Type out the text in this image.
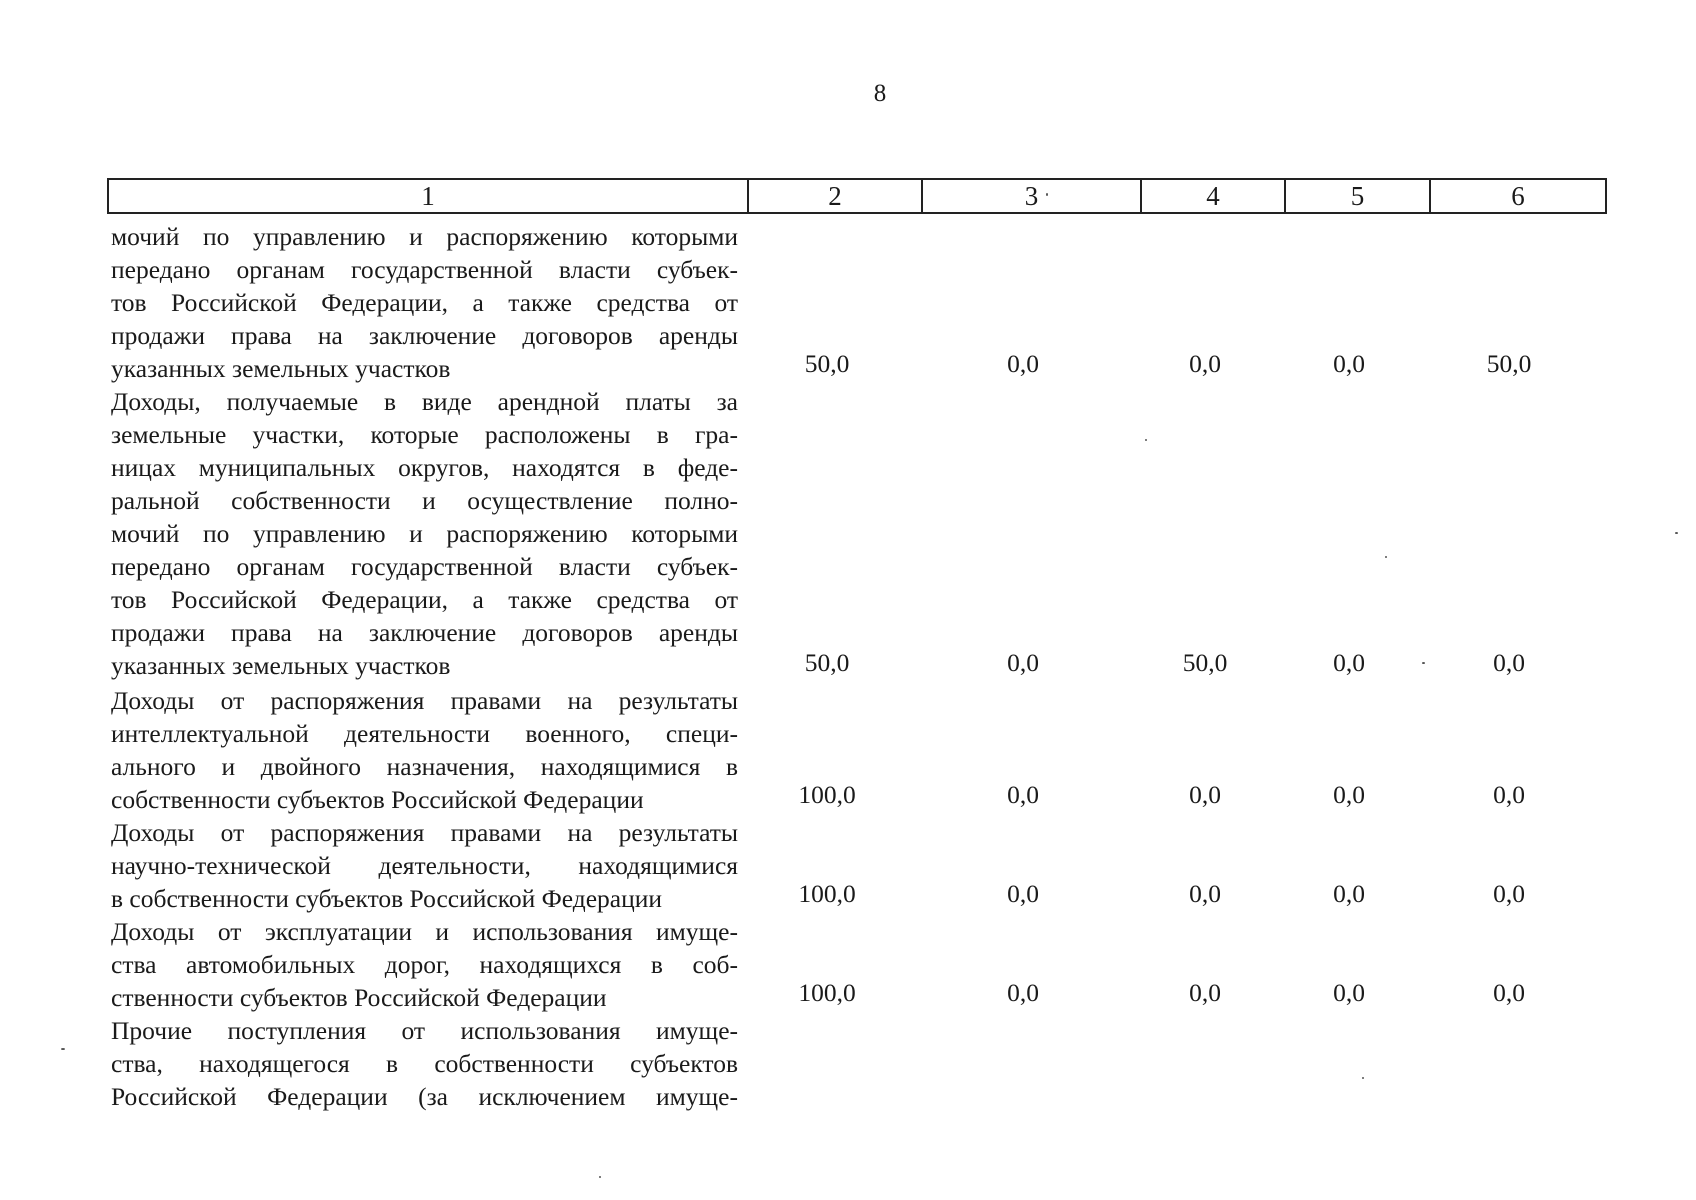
8
1	2	3	4	5	6
мочий по управлению и распоряжению которыми
передано органам государственной власти субъек-
тов Российской Федерации, а также средства от
продажи права на заключение договоров аренды
указанных земельных участков	50,0	0,0	0,0	0,0	50,0
Доходы, получаемые в виде арендной платы за
земельные участки, которые расположены в гра-
ницах муниципальных округов, находятся в феде-
ральной собственности и осуществление полно-
мочий по управлению и распоряжению которыми
передано органам государственной власти субъек-
тов Российской Федерации, а также средства от
продажи права на заключение договоров аренды
указанных земельных участков	50,0	0,0	50,0	0,0	0,0
Доходы от распоряжения правами на результаты
интеллектуальной деятельности военного, специ-
ального и двойного назначения, находящимися в
собственности субъектов Российской Федерации	100,0	0,0	0,0	0,0	0,0
Доходы от распоряжения правами на результаты
научно-технической деятельности, находящимися
в собственности субъектов Российской Федерации	100,0	0,0	0,0	0,0	0,0
Доходы от эксплуатации и использования имуще-
ства автомобильных дорог, находящихся в соб-
ственности субъектов Российской Федерации	100,0	0,0	0,0	0,0	0,0
Прочие поступления от использования имуще-
ства, находящегося в собственности субъектов
Российской Федерации (за исключением имуще-
